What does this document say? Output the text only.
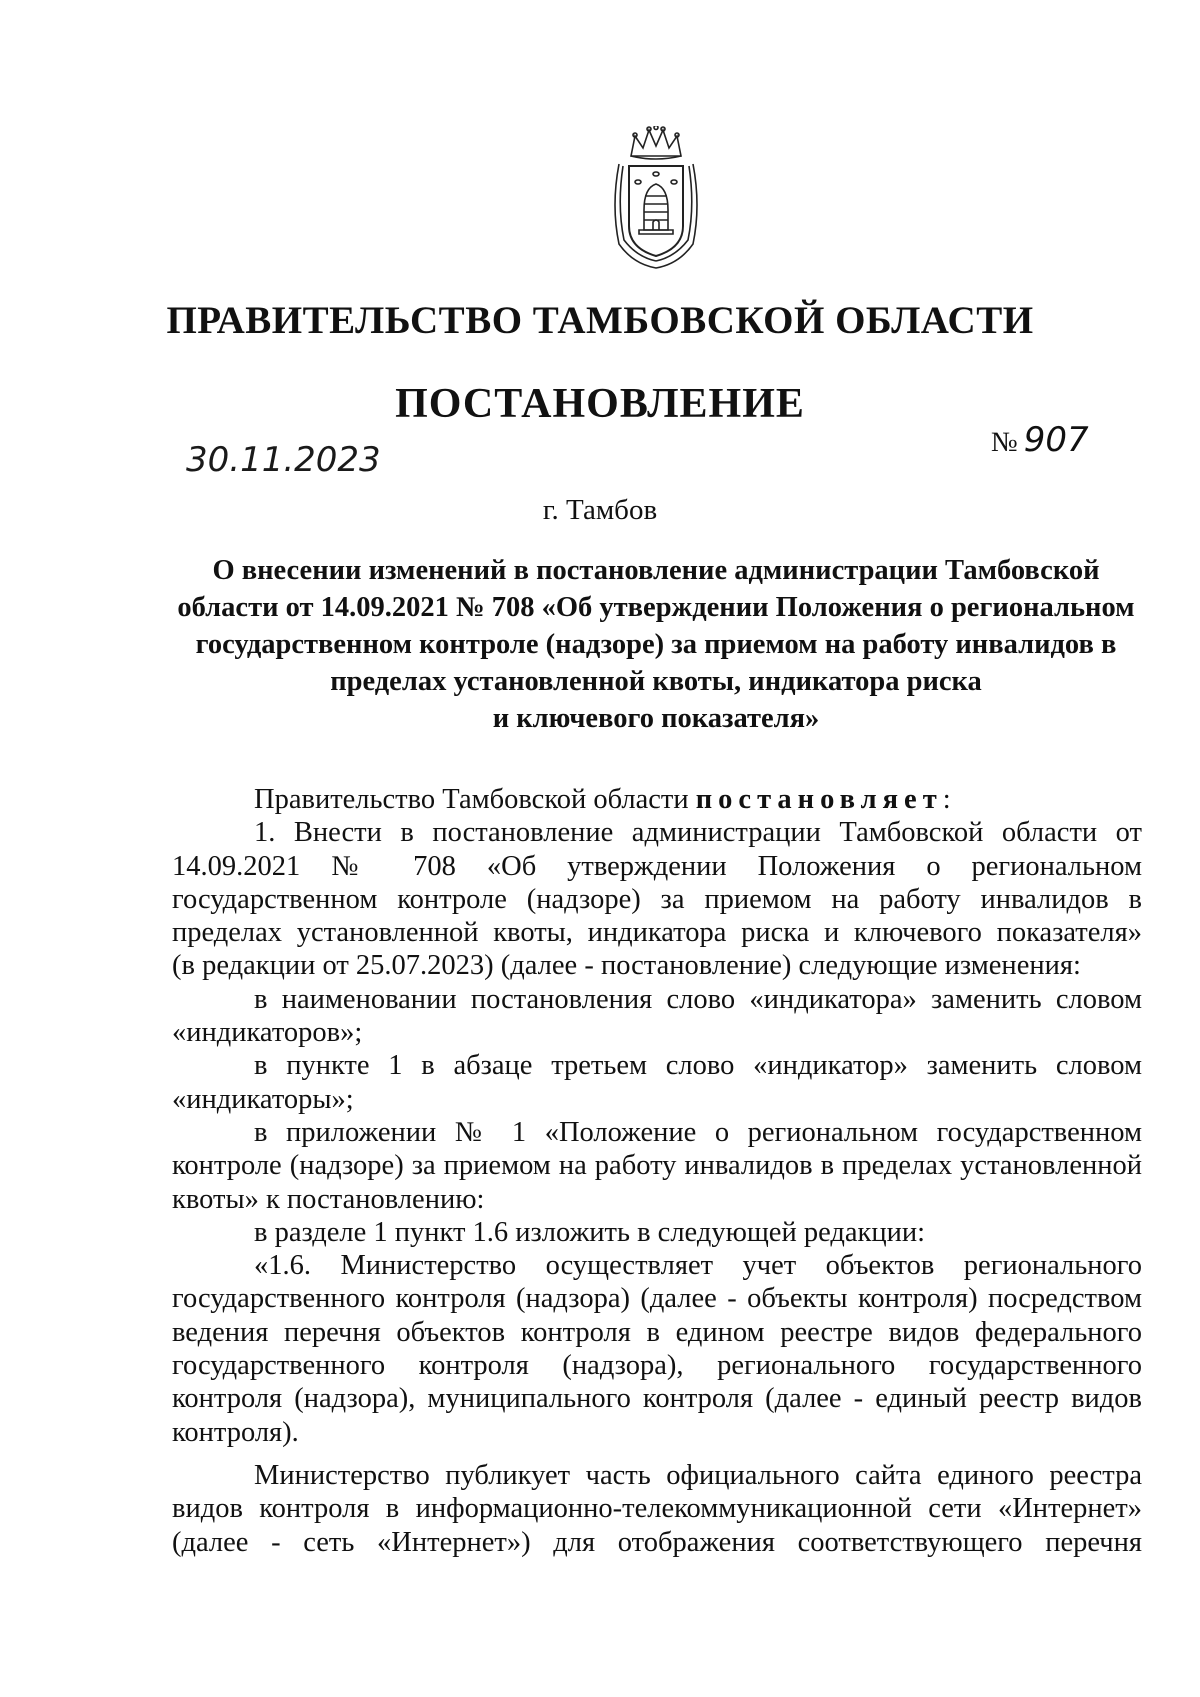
ПРАВИТЕЛЬСТВО ТАМБОВСКОЙ ОБЛАСТИ
ПОСТАНОВЛЕНИЕ
30.11.2023	№ 907
г. Тамбов
О внесении изменений в постановление администрации Тамбовской
области от 14.09.2021 № 708 «Об утверждении Положения о региональном
государственном контроле (надзоре) за приемом на работу инвалидов в
пределах установленной квоты, индикатора риска
и ключевого показателя»
Правительство Тамбовской области постановляет:
1. Внести в постановление администрации Тамбовской области от
14.09.2021 № 708 «Об утверждении Положения о региональном
государственном контроле (надзоре) за приемом на работу инвалидов в
пределах установленной квоты, индикатора риска и ключевого показателя»
(в редакции от 25.07.2023) (далее - постановление) следующие изменения:
в наименовании постановления слово «индикатора» заменить словом
«индикаторов»;
в пункте 1 в абзаце третьем слово «индикатор» заменить словом
«индикаторы»;
в приложении № 1 «Положение о региональном государственном
контроле (надзоре) за приемом на работу инвалидов в пределах установленной
квоты» к постановлению:
в разделе 1 пункт 1.6 изложить в следующей редакции:
«1.6. Министерство осуществляет учет объектов регионального
государственного контроля (надзора) (далее - объекты контроля) посредством
ведения перечня объектов контроля в едином реестре видов федерального
государственного контроля (надзора), регионального государственного
контроля (надзора), муниципального контроля (далее - единый реестр видов
контроля).
Министерство публикует часть официального сайта единого реестра
видов контроля в информационно-телекоммуникационной сети «Интернет»
(далее - сеть «Интернет») для отображения соответствующего перечня
